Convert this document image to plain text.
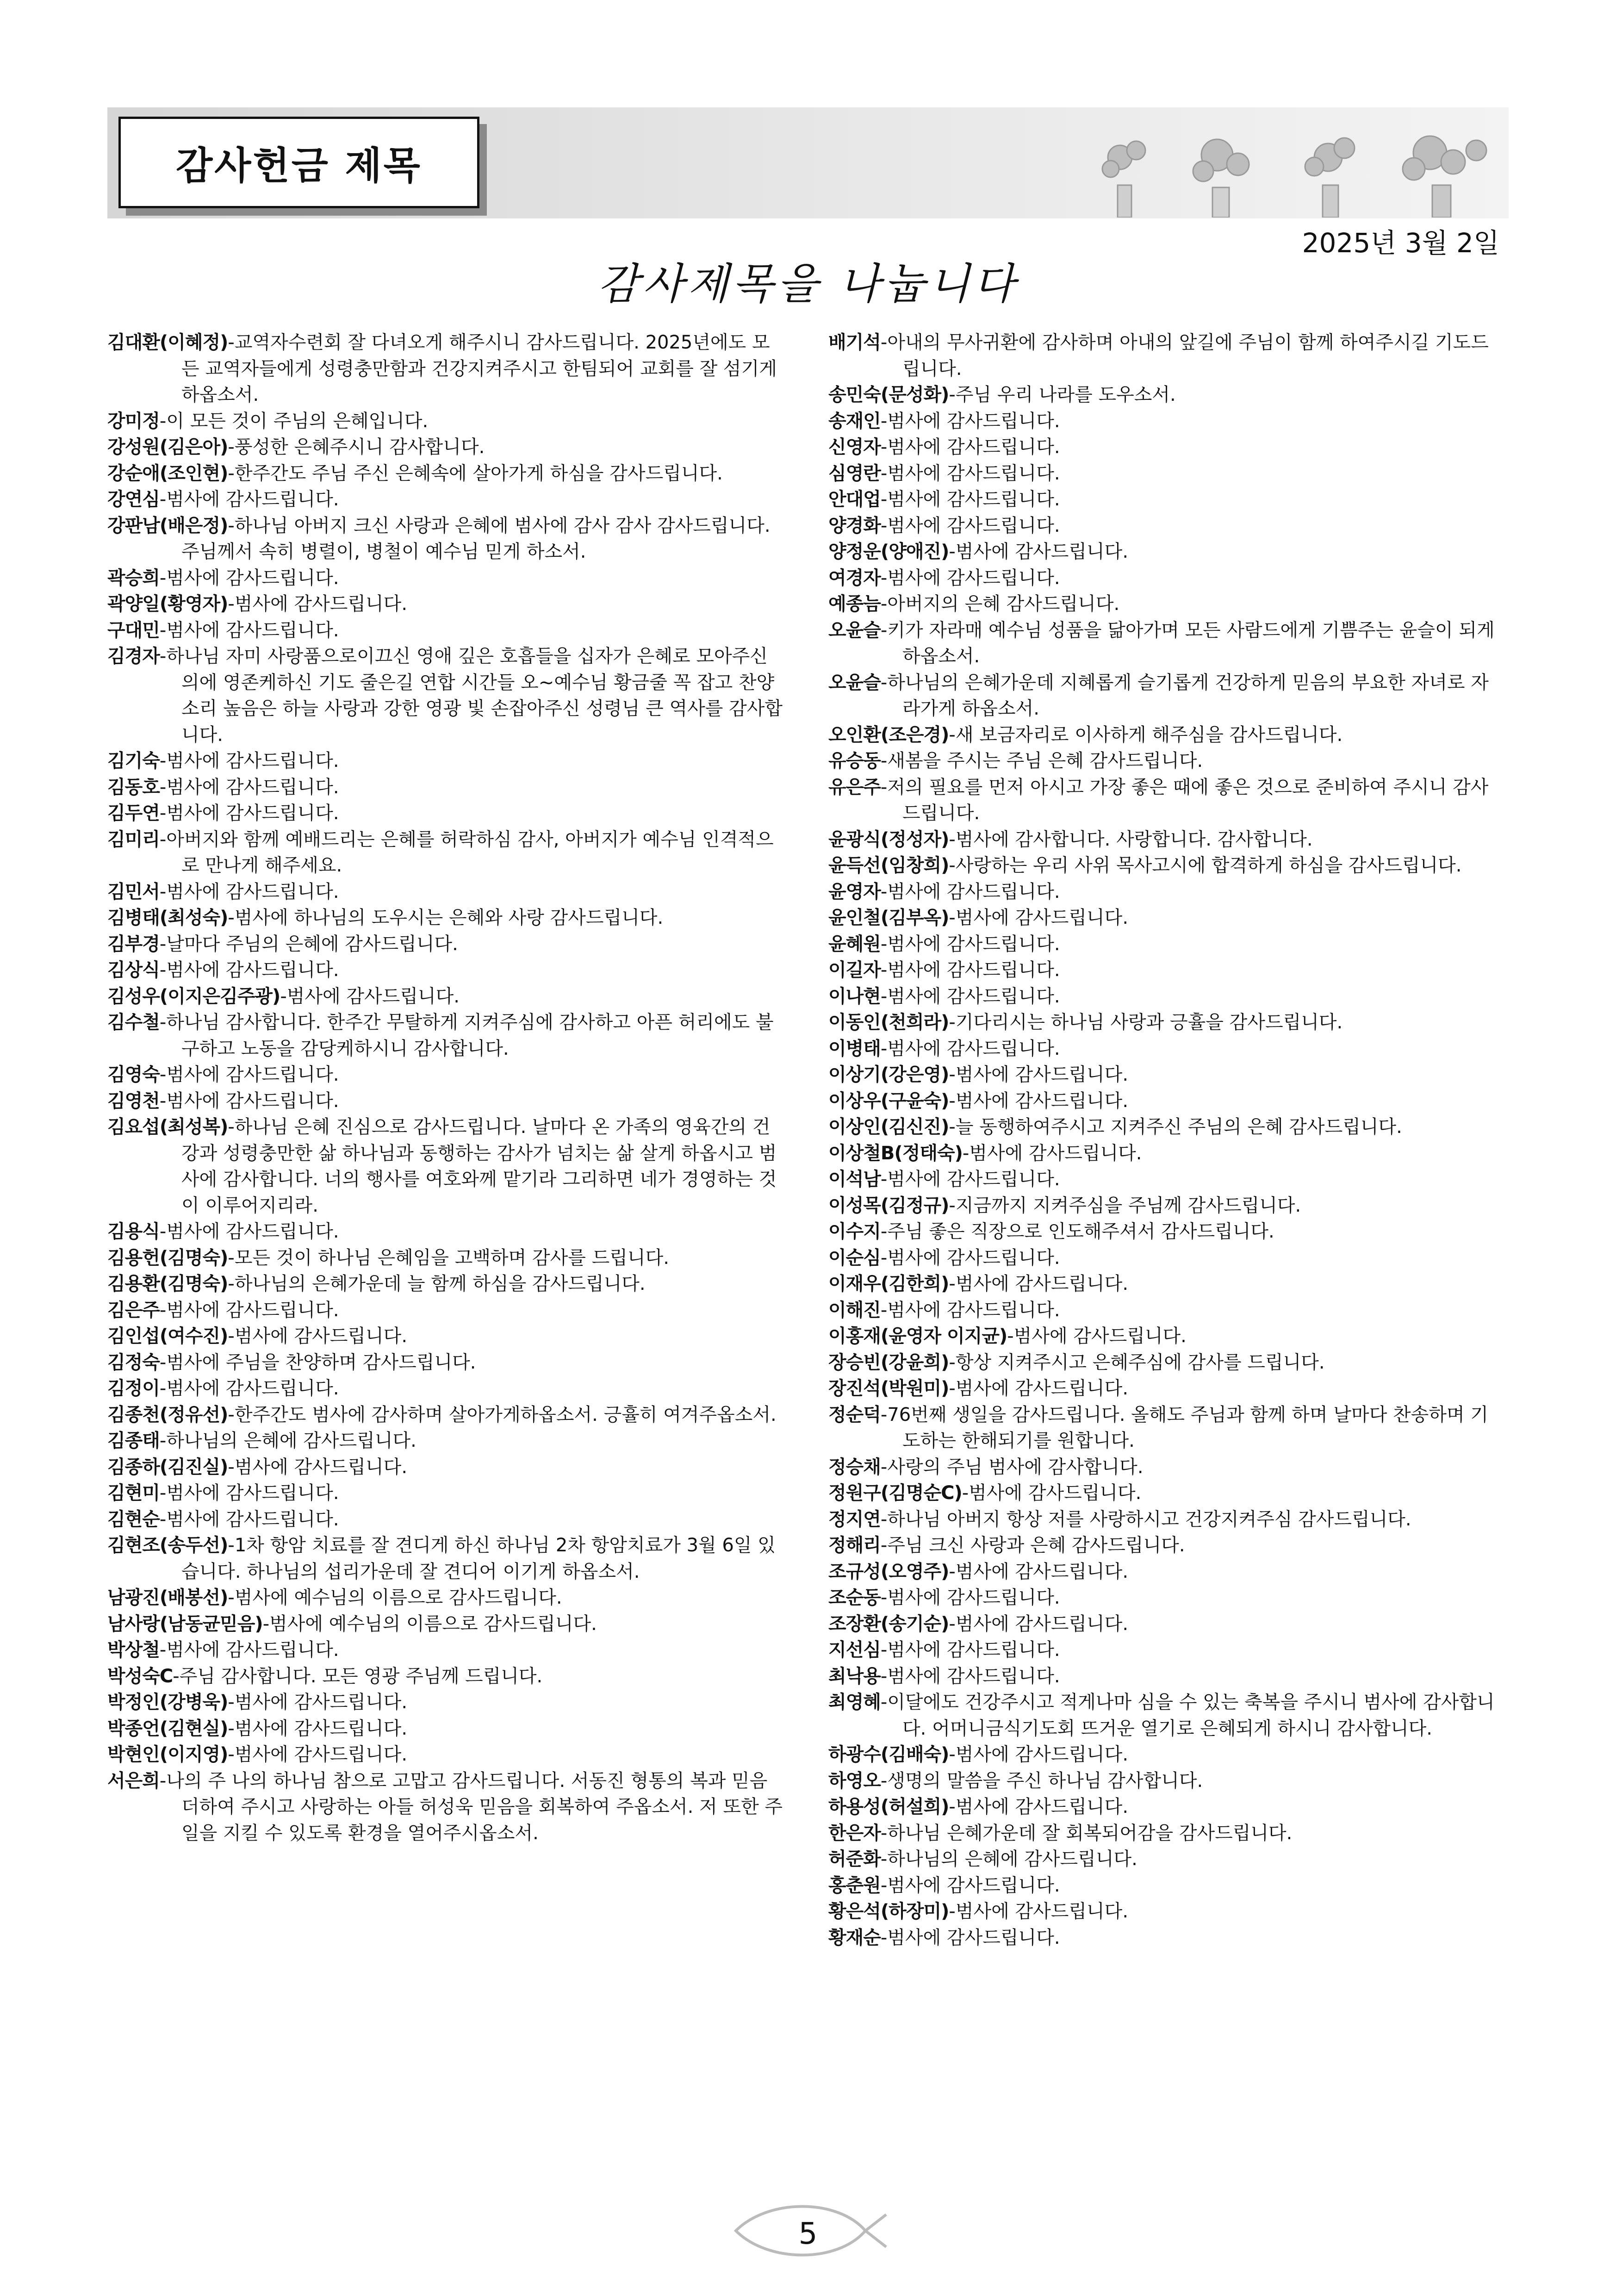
감사헌금 제목
2025년 3월 2일
감사제목을 나눕니다
김대환(이혜정)-교역자수련회 잘 다녀오게 해주시니 감사드립니다. 2025년에도 모든 교역자들에게 성령충만함과 건강지켜주시고 한팀되어 교회를 잘 섬기게 하옵소서.
강미정-이 모든 것이 주님의 은혜입니다.
강성원(김은아)-풍성한 은혜주시니 감사합니다.
강순애(조인현)-한주간도 주님 주신 은혜속에 살아가게 하심을 감사드립니다.
강연심-범사에 감사드립니다.
강판남(배은정)-하나님 아버지 크신 사랑과 은혜에 범사에 감사 감사 감사드립니다. 주님께서 속히 병렬이, 병철이 예수님 믿게 하소서.
곽승희-범사에 감사드립니다.
곽양일(황영자)-범사에 감사드립니다.
구대민-범사에 감사드립니다.
김경자-하나님 자미 사랑품으로이끄신 영애 깊은 호흡들을 십자가 은혜로 모아주신 의에 영존케하신 기도 줄은길 연합 시간들 오~예수님 황금줄 꼭 잡고 찬양소리 높음은 하늘 사랑과 강한 영광 빛 손잡아주신 성령님 큰 역사를 감사합니다.
김기숙-범사에 감사드립니다.
김동호-범사에 감사드립니다.
김두연-범사에 감사드립니다.
김미리-아버지와 함께 예배드리는 은혜를 허락하심 감사, 아버지가 예수님 인격적으로 만나게 해주세요.
김민서-범사에 감사드립니다.
김병태(최성숙)-범사에 하나님의 도우시는 은혜와 사랑 감사드립니다.
김부경-날마다 주님의 은혜에 감사드립니다.
김상식-범사에 감사드립니다.
김성우(이지은김주광)-범사에 감사드립니다.
김수철-하나님 감사합니다. 한주간 무탈하게 지켜주심에 감사하고 아픈 허리에도 불구하고 노동을 감당케하시니 감사합니다.
김영숙-범사에 감사드립니다.
김영천-범사에 감사드립니다.
김요섭(최성복)-하나님 은혜 진심으로 감사드립니다. 날마다 온 가족의 영육간의 건강과 성령충만한 삶 하나님과 동행하는 감사가 넘치는 삶 살게 하옵시고 범사에 감사합니다. 너의 행사를 여호와께 맡기라 그리하면 네가 경영하는 것이 이루어지리라.
김용식-범사에 감사드립니다.
김용헌(김명숙)-모든 것이 하나님 은혜임을 고백하며 감사를 드립니다.
김용환(김명숙)-하나님의 은혜가운데 늘 함께 하심을 감사드립니다.
김은주-범사에 감사드립니다.
김인섭(여수진)-범사에 감사드립니다.
김정숙-범사에 주님을 찬양하며 감사드립니다.
김정이-범사에 감사드립니다.
김종천(정유선)-한주간도 범사에 감사하며 살아가게하옵소서. 긍휼히 여겨주옵소서.
김종태-하나님의 은혜에 감사드립니다.
김종하(김진실)-범사에 감사드립니다.
김현미-범사에 감사드립니다.
김현순-범사에 감사드립니다.
김현조(송두선)-1차 항암 치료를 잘 견디게 하신 하나님 2차 항암치료가 3월 6일 있습니다. 하나님의 섭리가운데 잘 견디어 이기게 하옵소서.
남광진(배봉선)-범사에 예수님의 이름으로 감사드립니다.
남사랑(남동균믿음)-범사에 예수님의 이름으로 감사드립니다.
박상철-범사에 감사드립니다.
박성숙C-주님 감사합니다. 모든 영광 주님께 드립니다.
박정인(강병욱)-범사에 감사드립니다.
박종언(김현실)-범사에 감사드립니다.
박현인(이지영)-범사에 감사드립니다.
서은희-나의 주 나의 하나님 참으로 고맙고 감사드립니다. 서동진 형통의 복과 믿음 더하여 주시고 사랑하는 아들 허성욱 믿음을 회복하여 주옵소서. 저 또한 주일을 지킬 수 있도록 환경을 열어주시옵소서.
배기석-아내의 무사귀환에 감사하며 아내의 앞길에 주님이 함께 하여주시길 기도드립니다.
송민숙(문성화)-주님 우리 나라를 도우소서.
송재인-범사에 감사드립니다.
신영자-범사에 감사드립니다.
심영란-범사에 감사드립니다.
안대업-범사에 감사드립니다.
양경화-범사에 감사드립니다.
양정운(양애진)-범사에 감사드립니다.
여경자-범사에 감사드립니다.
예종늠-아버지의 은혜 감사드립니다.
오윤슬-키가 자라매 예수님 성품을 닮아가며 모든 사람드에게 기쁨주는 윤슬이 되게 하옵소서.
오윤슬-하나님의 은혜가운데 지혜롭게 슬기롭게 건강하게 믿음의 부요한 자녀로 자라가게 하옵소서.
오인환(조은경)-새 보금자리로 이사하게 해주심을 감사드립니다.
유승동-새봄을 주시는 주님 은혜 감사드립니다.
유은주-저의 필요를 먼저 아시고 가장 좋은 때에 좋은 것으로 준비하여 주시니 감사드립니다.
윤광식(정성자)-범사에 감사합니다. 사랑합니다. 감사합니다.
윤득선(임창희)-사랑하는 우리 사위 목사고시에 합격하게 하심을 감사드립니다.
윤영자-범사에 감사드립니다.
윤인철(김부옥)-범사에 감사드립니다.
윤혜원-범사에 감사드립니다.
이길자-범사에 감사드립니다.
이나현-범사에 감사드립니다.
이동인(천희라)-기다리시는 하나님 사랑과 긍휼을 감사드립니다.
이병태-범사에 감사드립니다.
이상기(강은영)-범사에 감사드립니다.
이상우(구윤숙)-범사에 감사드립니다.
이상인(김신진)-늘 동행하여주시고 지켜주신 주님의 은혜 감사드립니다.
이상철B(정태숙)-범사에 감사드립니다.
이석남-범사에 감사드립니다.
이성목(김정규)-지금까지 지켜주심을 주님께 감사드립니다.
이수지-주님 좋은 직장으로 인도해주셔서 감사드립니다.
이순심-범사에 감사드립니다.
이재우(김한희)-범사에 감사드립니다.
이해진-범사에 감사드립니다.
이홍재(윤영자 이지균)-범사에 감사드립니다.
장승빈(강윤희)-항상 지켜주시고 은혜주심에 감사를 드립니다.
장진석(박원미)-범사에 감사드립니다.
정순덕-76번째 생일을 감사드립니다. 올해도 주님과 함께 하며 날마다 찬송하며 기도하는 한해되기를 원합니다.
정승채-사랑의 주님 범사에 감사합니다.
정원구(김명순C)-범사에 감사드립니다.
정지연-하나님 아버지 항상 저를 사랑하시고 건강지켜주심 감사드립니다.
정해리-주님 크신 사랑과 은혜 감사드립니다.
조규성(오영주)-범사에 감사드립니다.
조순동-범사에 감사드립니다.
조장환(송기순)-범사에 감사드립니다.
지선심-범사에 감사드립니다.
최낙용-범사에 감사드립니다.
최영혜-이달에도 건강주시고 적게나마 심을 수 있는 축복을 주시니 범사에 감사합니다. 어머니금식기도회 뜨거운 열기로 은혜되게 하시니 감사합니다.
하광수(김배숙)-범사에 감사드립니다.
하영오-생명의 말씀을 주신 하나님 감사합니다.
하용성(허설희)-범사에 감사드립니다.
한은자-하나님 은혜가운데 잘 회복되어감을 감사드립니다.
허준화-하나님의 은혜에 감사드립니다.
홍춘원-범사에 감사드립니다.
황은석(하장미)-범사에 감사드립니다.
황재순-범사에 감사드립니다.
5
